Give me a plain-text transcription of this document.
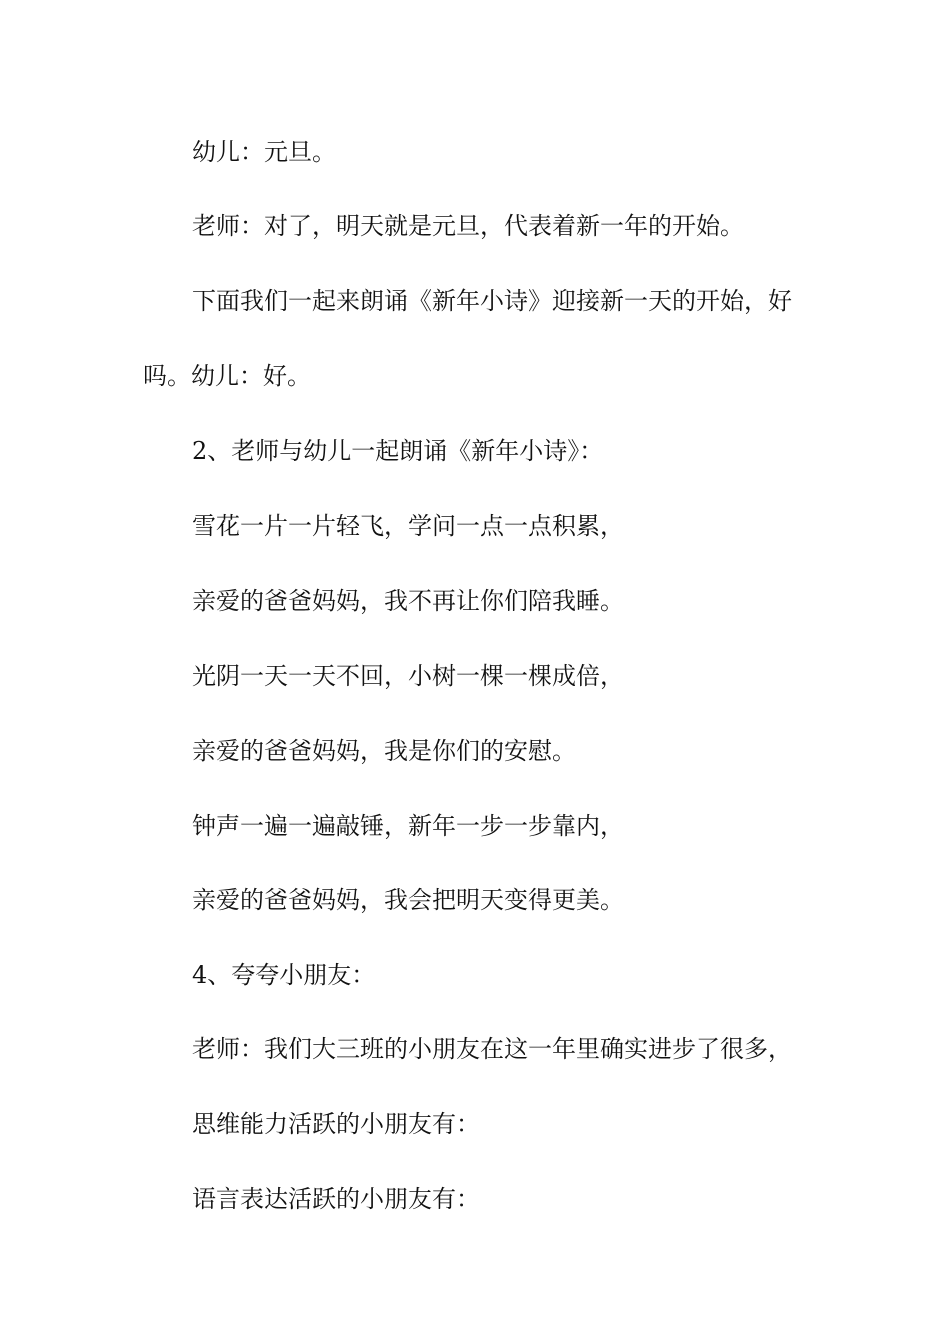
幼儿：元旦。

老师：对了，明天就是元旦，代表着新一年的开始。

下面我们一起来朗诵《新年小诗》迎接新一天的开始，好

吗。幼儿：好。

2、老师与幼儿一起朗诵《新年小诗》：

雪花一片一片轻飞，学问一点一点积累，

亲爱的爸爸妈妈，我不再让你们陪我睡。

光阴一天一天不回，小树一棵一棵成倍，

亲爱的爸爸妈妈，我是你们的安慰。

钟声一遍一遍敲锤，新年一步一步靠内，

亲爱的爸爸妈妈，我会把明天变得更美。

4、夸夸小朋友：

老师：我们大三班的小朋友在这一年里确实进步了很多，

思维能力活跃的小朋友有：

语言表达活跃的小朋友有：
